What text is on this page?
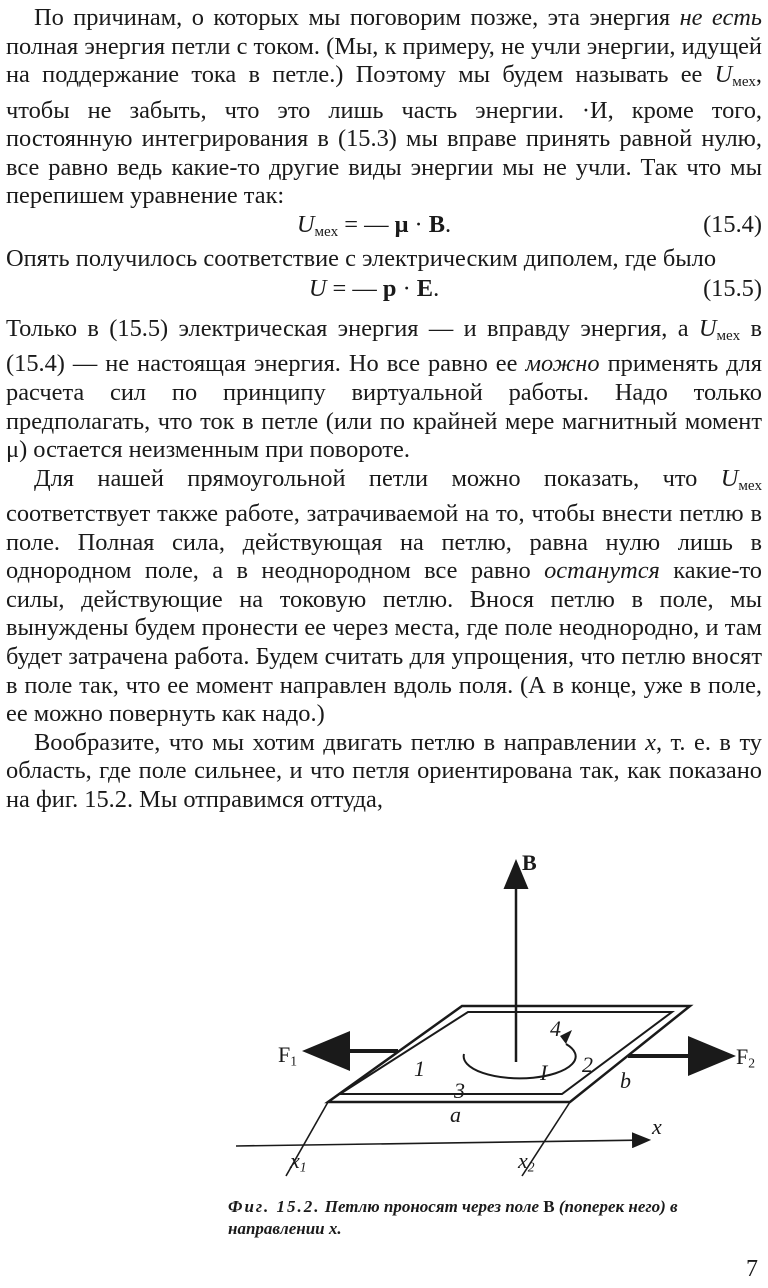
По причинам, о которых мы поговорим позже, эта энергия не есть полная энергия петли с током. (Мы, к примеру, не учли энергии, идущей на поддержание тока в петле.) Поэтому мы будем называть ее $U_{мех}$, чтобы не забыть, что это лишь часть энергии. ·И, кроме того, постоянную интегрирования в (15.3) мы вправе принять равной нулю, все равно ведь какие-то другие виды энергии мы не учли. Так что мы перепишем уравнение так:

$U_{мех}$ = — μ · B.	(15.4)
Опять получилось соответствие с электрическим диполем, где было
U = — p · E.	(15.5)

Только в (15.5) электрическая энергия — и вправду энергия, а $U_{мех}$ в (15.4) — не настоящая энергия. Но все равно ее можно применять для расчета сил по принципу виртуальной работы. Надо только предполагать, что ток в петле (или по крайней мере магнитный момент μ) остается неизменным при повороте.

Для нашей прямоугольной петли можно показать, что $U_{мех}$ соответствует также работе, затрачиваемой на то, чтобы внести петлю в поле. Полная сила, действующая на петлю, равна нулю лишь в однородном поле, а в неоднородном все равно останутся какие-то силы, действующие на токовую петлю. Внося петлю в поле, мы вынуждены будем пронести ее через места, где поле неоднородно, и там будет затрачена работа. Будем считать для упрощения, что петлю вносят в поле так, что ее момент направлен вдоль поля. (А в конце, уже в поле, ее можно повернуть как надо.)

Вообразите, что мы хотим двигать петлю в направлении x, т. е. в ту область, где поле сильнее, и что петля ориентирована так, как показано на фиг. 15.2. Мы отправимся оттуда,

B
$F_1$	$F_2$
1	2
3
4
I
a
b
x
$x_1$	$x_2$
Фиг. 15.2. Петлю проносят через поле B (поперек него) в направлении x.
7
